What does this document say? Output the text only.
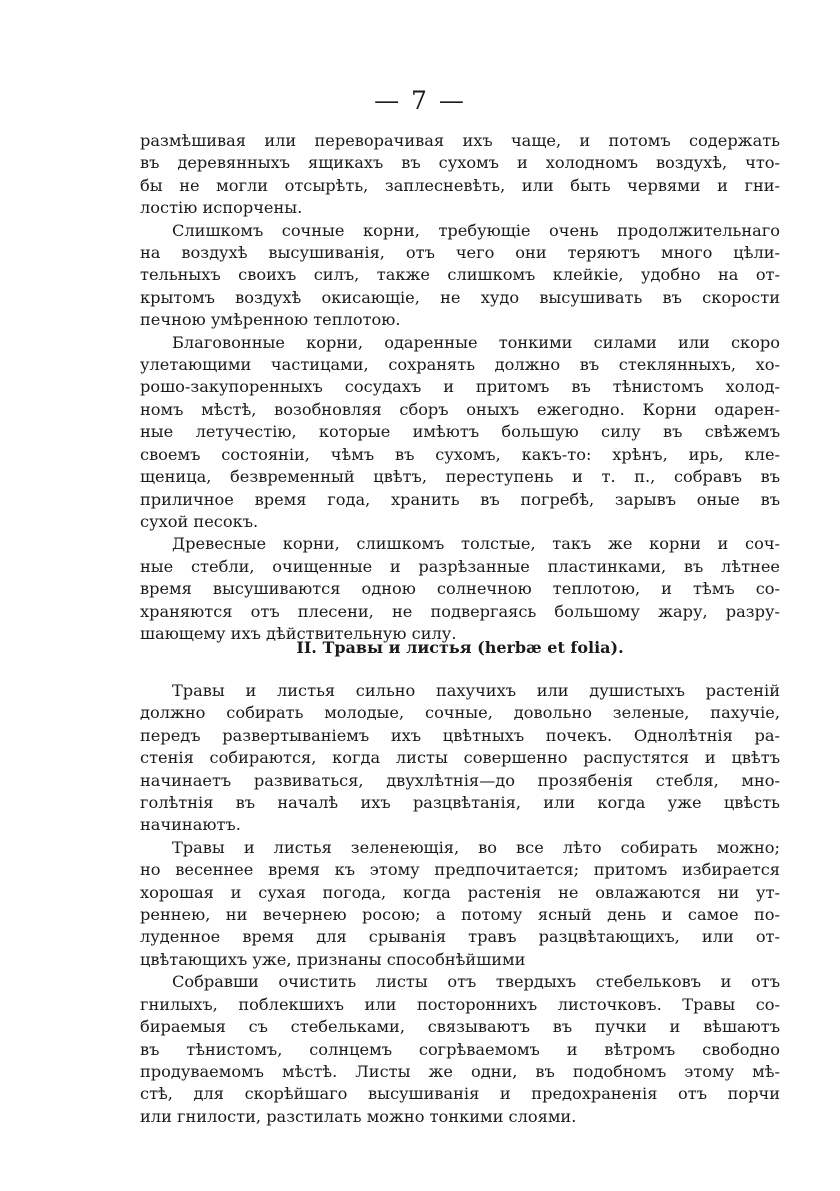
— 7 —
размѣшивая или переворачивая ихъ чаще, и потомъ содержать
въ деревянныхъ ящикахъ въ сухомъ и холодномъ воздухѣ, что-
бы не могли отсырѣть, заплесневѣть, или быть червями и гни-
лостію испорчены.
Слишкомъ сочные корни, требующіе очень продолжительнаго
на воздухѣ высушиванія, отъ чего они теряютъ много цѣли-
тельныхъ своихъ силъ, также слишкомъ клейкіе, удобно на от-
крытомъ воздухѣ окисающіе, не худо высушивать въ скорости
печною умѣренною теплотою.
Благовонные корни, одаренные тонкими силами или скоро
улетающими частицами, сохранять должно въ стеклянныхъ, хо-
рошо-закупоренныхъ сосудахъ и притомъ въ тѣнистомъ холод-
номъ мѣстѣ, возобновляя сборъ оныхъ ежегодно. Корни одарен-
ные летучестію, которые имѣютъ большую силу въ свѣжемъ
своемъ состояніи, чѣмъ въ сухомъ, какъ-то: хрѣнъ, ирь, кле-
щеница, безвременный цвѣтъ, переступень и т. п., собравъ въ
приличное время года, хранить въ погребѣ, зарывъ оные въ
сухой песокъ.
Древесные корни, слишкомъ толстые, такъ же корни и соч-
ные стебли, очищенные и разрѣзанные пластинками, въ лѣтнее
время высушиваются одною солнечною теплотою, и тѣмъ со-
храняются отъ плесени, не подвергаясь большому жару, разру-
шающему ихъ дѣйствительную силу.
II. Травы и листья (herbæ et folia).
Травы и листья сильно пахучихъ или душистыхъ растеній
должно собирать молодые, сочные, довольно зеленые, пахучіе,
передъ развертываніемъ ихъ цвѣтныхъ почекъ. Однолѣтнія ра-
стенія собираются, когда листы совершенно распустятся и цвѣтъ
начинаетъ развиваться, двухлѣтнія—до прозябенія стебля, мно-
голѣтнія въ началѣ ихъ разцвѣтанія, или когда уже цвѣсть
начинаютъ.
Травы и листья зеленеющія, во все лѣто собирать можно;
но весеннее время къ этому предпочитается; притомъ избирается
хорошая и сухая погода, когда растенія не овлажаются ни ут-
реннею, ни вечернею росою; а потому ясный день и самое по-
луденное время для срыванія травъ разцвѣтающихъ, или от-
цвѣтающихъ уже, признаны способнѣйшими
Собравши очистить листы отъ твердыхъ стебельковъ и отъ
гнилыхъ, поблекшихъ или постороннихъ листочковъ. Травы со-
бираемыя съ стебельками, связываютъ въ пучки и вѣшаютъ
въ тѣнистомъ, солнцемъ согрѣваемомъ и вѣтромъ свободно
продуваемомъ мѣстѣ. Листы же одни, въ подобномъ этому мѣ-
стѣ, для скорѣйшаго высушиванія и предохраненія отъ порчи
или гнилости, разстилать можно тонкими слоями.
